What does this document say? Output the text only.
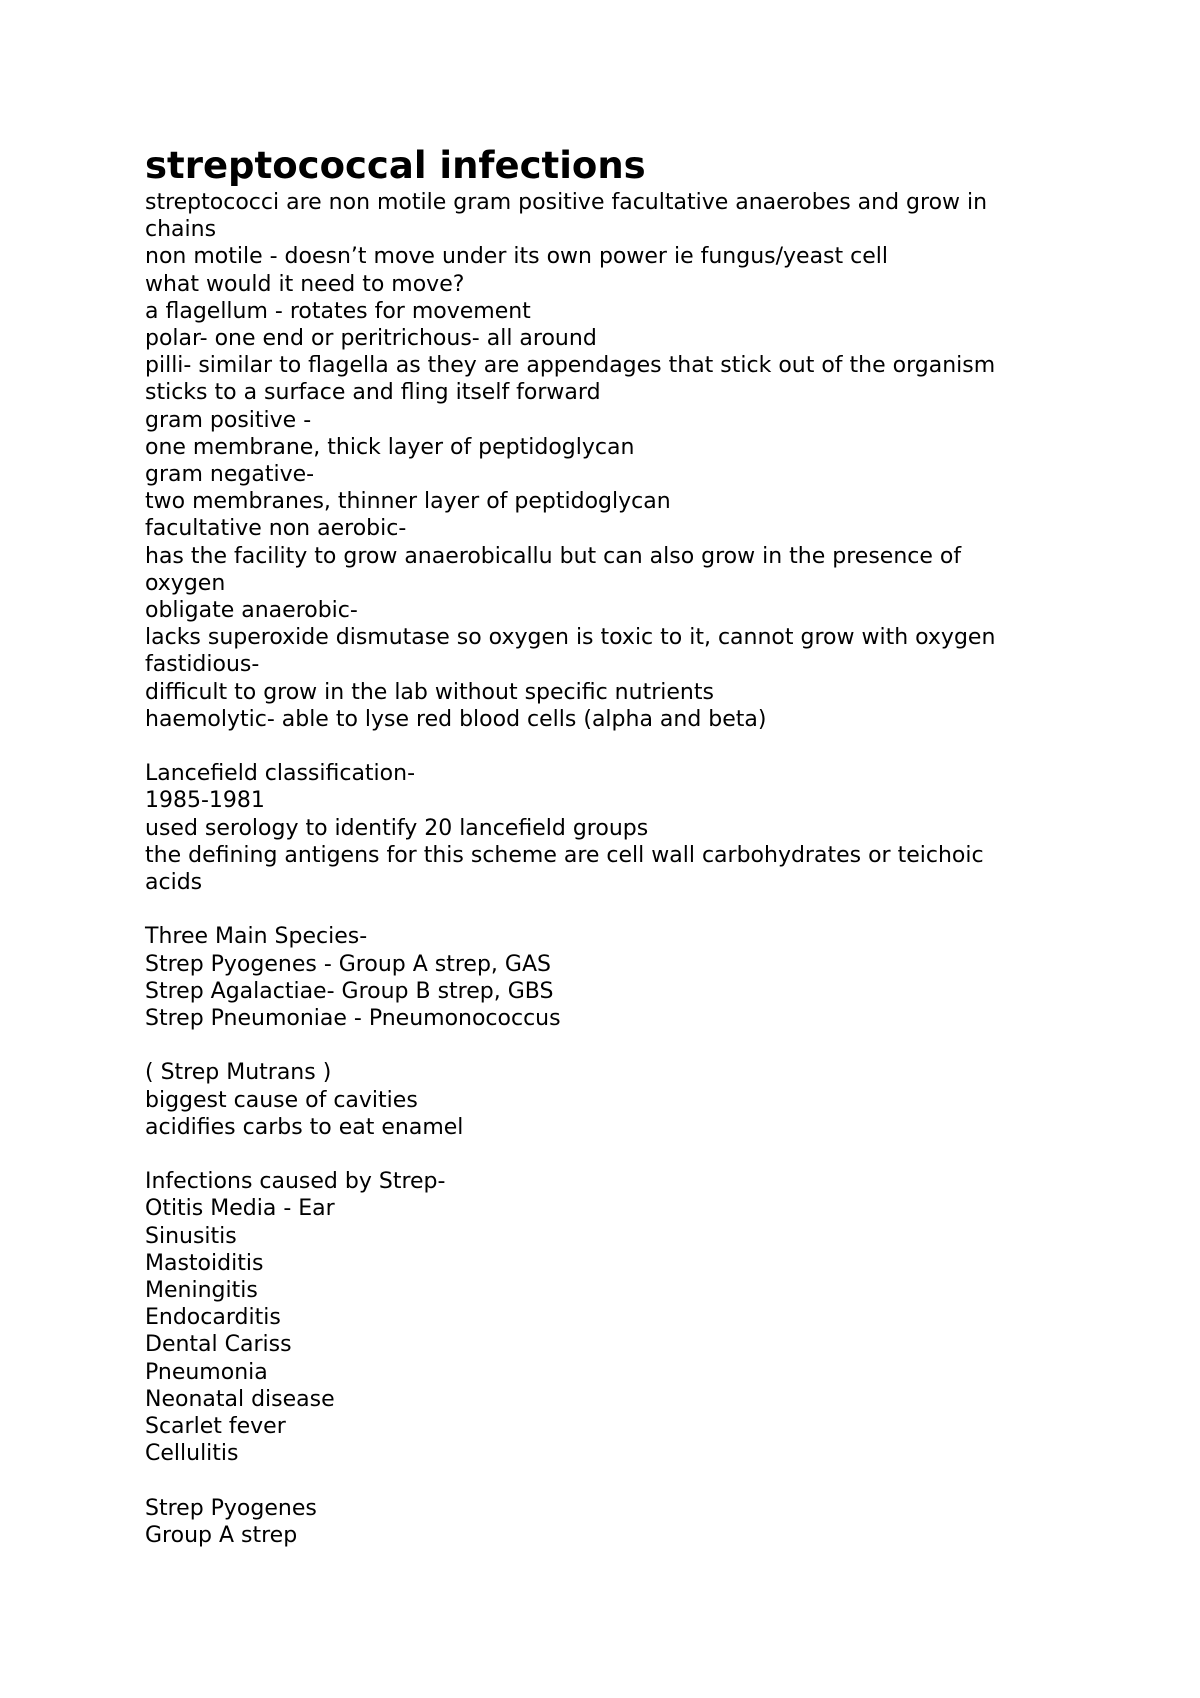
streptococcal infections
streptococci are non motile gram positive facultative anaerobes and grow in
chains
non motile - doesn’t move under its own power ie fungus/yeast cell
what would it need to move?
a flagellum - rotates for movement
polar- one end or peritrichous- all around
pilli- similar to flagella as they are appendages that stick out of the organism
sticks to a surface and fling itself forward
gram positive -
one membrane, thick layer of peptidoglycan
gram negative-
two membranes, thinner layer of peptidoglycan
facultative non aerobic-
has the facility to grow anaerobicallu but can also grow in the presence of
oxygen
obligate anaerobic-
lacks superoxide dismutase so oxygen is toxic to it, cannot grow with oxygen
fastidious-
difficult to grow in the lab without specific nutrients
haemolytic- able to lyse red blood cells (alpha and beta)
Lancefield classification-
1985-1981
used serology to identify 20 lancefield groups
the defining antigens for this scheme are cell wall carbohydrates or teichoic
acids
Three Main Species-
Strep Pyogenes - Group A strep, GAS
Strep Agalactiae- Group B strep, GBS
Strep Pneumoniae - Pneumonococcus
( Strep Mutrans )
biggest cause of cavities
acidifies carbs to eat enamel
Infections caused by Strep-
Otitis Media - Ear
Sinusitis
Mastoiditis
Meningitis
Endocarditis
Dental Cariss
Pneumonia
Neonatal disease
Scarlet fever
Cellulitis
Strep Pyogenes
Group A strep
